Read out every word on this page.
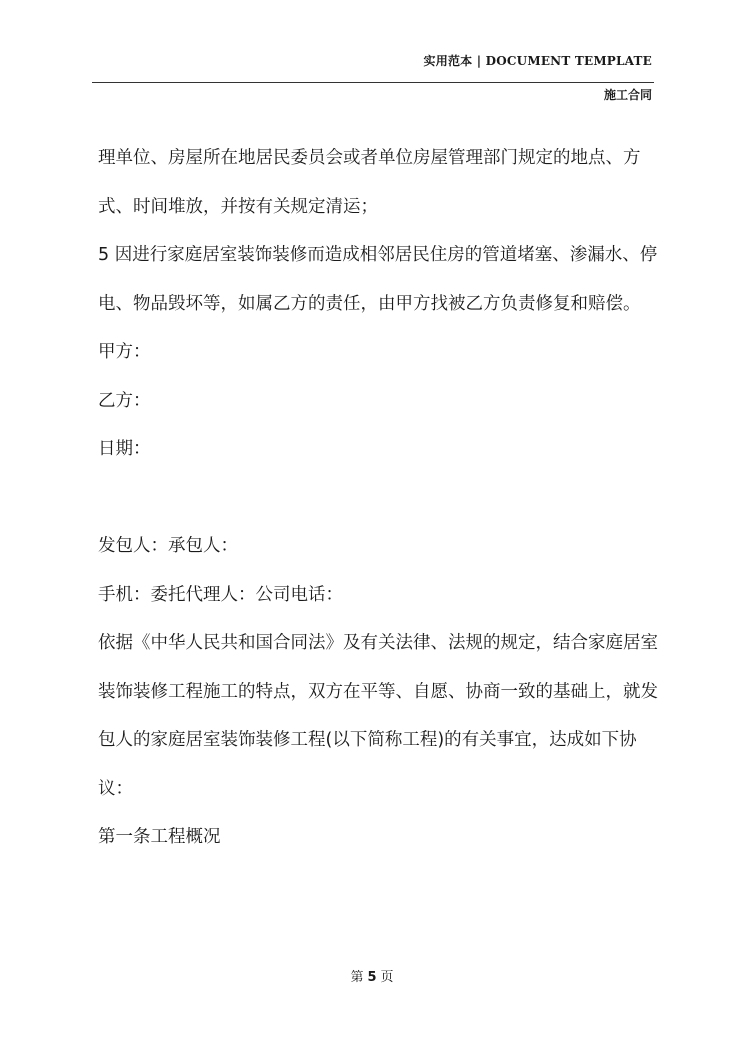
实用范本 | DOCUMENT TEMPLATE
施工合同

理单位、房屋所在地居民委员会或者单位房屋管理部门规定的地点、方式、时间堆放，并按有关规定清运；

5 因进行家庭居室装饰装修而造成相邻居民住房的管道堵塞、渗漏水、停电、物品毁坏等，如属乙方的责任，由甲方找被乙方负责修复和赔偿。

甲方：

乙方：

日期：

发包人：承包人：

手机：委托代理人：公司电话：

依据《中华人民共和国合同法》及有关法律、法规的规定，结合家庭居室装饰装修工程施工的特点，双方在平等、自愿、协商一致的基础上，就发包人的家庭居室装饰装修工程(以下简称工程)的有关事宜，达成如下协议：

第一条工程概况

第 5 页
